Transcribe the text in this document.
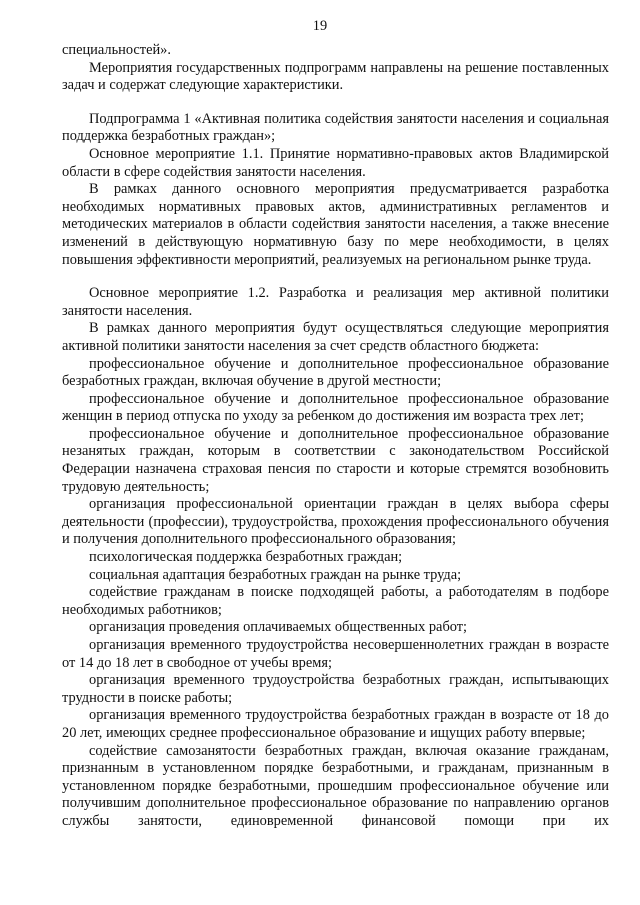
19

специальностей».

Мероприятия государственных подпрограмм направлены на решение поставленных задач и содержат следующие характеристики.

Подпрограмма 1 «Активная политика содействия занятости населения и социальная поддержка безработных граждан»;

Основное мероприятие 1.1. Принятие нормативно-правовых актов Владимирской области в сфере содействия занятости населения.

В рамках данного основного мероприятия предусматривается разработка необходимых нормативных правовых актов, административных регламентов и методических материалов в области содействия занятости населения, а также внесение изменений в действующую нормативную базу по мере необходимости, в целях повышения эффективности мероприятий, реализуемых на региональном рынке труда.

Основное мероприятие 1.2. Разработка и реализация мер активной политики занятости населения.

В рамках данного мероприятия будут осуществляться следующие мероприятия активной политики занятости населения за счет средств областного бюджета:

профессиональное обучение и дополнительное профессиональное образование безработных граждан, включая обучение в другой местности;

профессиональное обучение и дополнительное профессиональное образование женщин в период отпуска по уходу за ребенком до достижения им возраста трех лет;

профессиональное обучение и дополнительное профессиональное образование незанятых граждан, которым в соответствии с законодательством Российской Федерации назначена страховая пенсия по старости и которые стремятся возобновить трудовую деятельность;

организация профессиональной ориентации граждан в целях выбора сферы деятельности (профессии), трудоустройства, прохождения профессионального обучения и получения дополнительного профессионального образования;

психологическая поддержка безработных граждан;

социальная адаптация безработных граждан на рынке труда;

содействие гражданам в поиске подходящей работы, а работодателям в подборе необходимых работников;

организация проведения оплачиваемых общественных работ;

организация временного трудоустройства несовершеннолетних граждан в возрасте от 14 до 18 лет в свободное от учебы время;

организация временного трудоустройства безработных граждан, испытывающих трудности в поиске работы;

организация временного трудоустройства безработных граждан в возрасте от 18 до 20 лет, имеющих среднее профессиональное образование и ищущих работу впервые;

содействие самозанятости безработных граждан, включая оказание гражданам, признанным в установленном порядке безработными, и гражданам, признанным в установленном порядке безработными, прошедшим профессиональное обучение или получившим дополнительное профессиональное образование по направлению органов службы занятости, единовременной финансовой помощи при их
